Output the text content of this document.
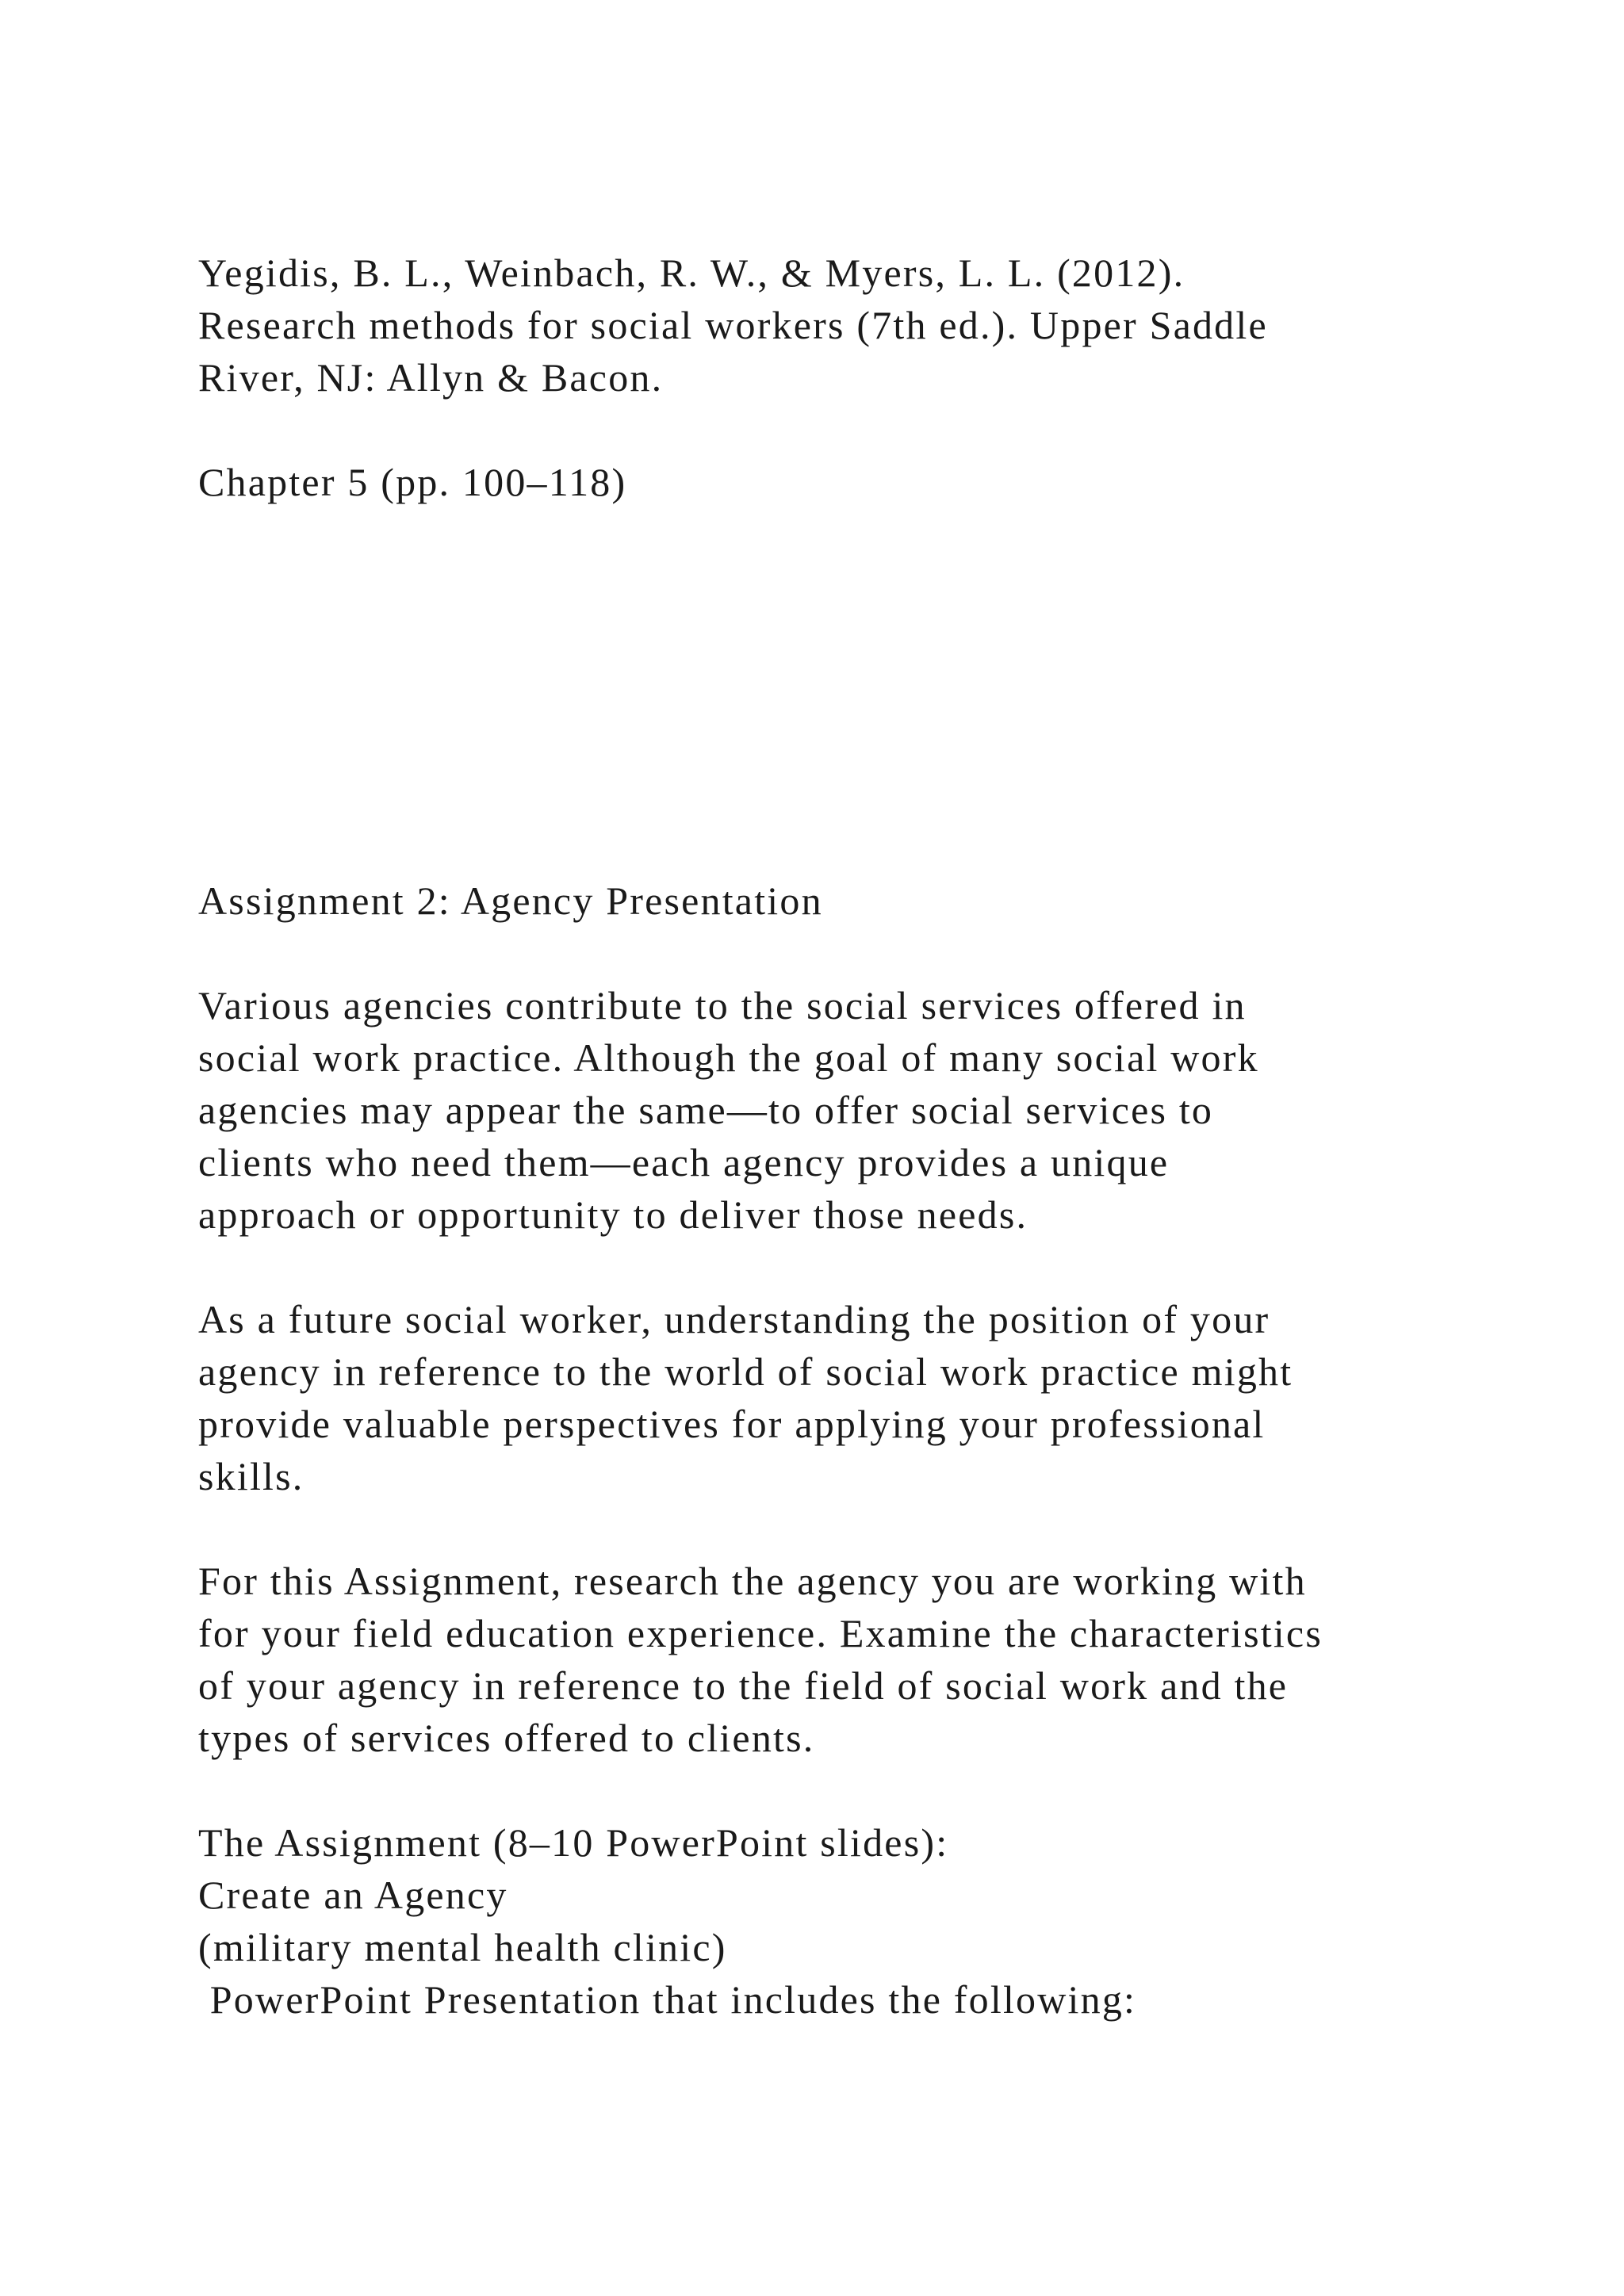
Yegidis, B. L., Weinbach, R. W., & Myers, L. L. (2012).
Research methods for social workers (7th ed.). Upper Saddle
River, NJ: Allyn & Bacon.
Chapter 5 (pp. 100–118)
Assignment 2: Agency Presentation
Various agencies contribute to the social services offered in
social work practice. Although the goal of many social work
agencies may appear the same—to offer social services to
clients who need them—each agency provides a unique
approach or opportunity to deliver those needs.
As a future social worker, understanding the position of your
agency in reference to the world of social work practice might
provide valuable perspectives for applying your professional
skills.
For this Assignment, research the agency you are working with
for your field education experience. Examine the characteristics
of your agency in reference to the field of social work and the
types of services offered to clients.
The Assignment (8–10 PowerPoint slides):
Create an Agency
(military mental health clinic)
PowerPoint Presentation that includes the following:
